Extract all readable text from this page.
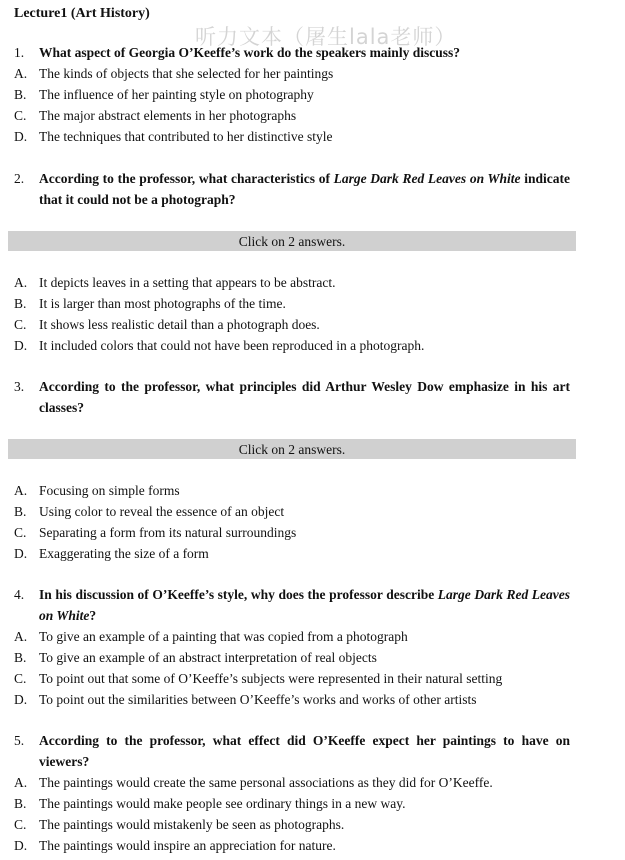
Lecture1 (Art History)
听力文本（屠生lala老师）
1. What aspect of Georgia O’Keeffe’s work do the speakers mainly discuss?
A. The kinds of objects that she selected for her paintings
B. The influence of her painting style on photography
C. The major abstract elements in her photographs
D. The techniques that contributed to her distinctive style
2. According to the professor, what characteristics of Large Dark Red Leaves on White indicate that it could not be a photograph?
Click on 2 answers.
A. It depicts leaves in a setting that appears to be abstract.
B. It is larger than most photographs of the time.
C. It shows less realistic detail than a photograph does.
D. It included colors that could not have been reproduced in a photograph.
3. According to the professor, what principles did Arthur Wesley Dow emphasize in his art classes?
Click on 2 answers.
A. Focusing on simple forms
B. Using color to reveal the essence of an object
C. Separating a form from its natural surroundings
D. Exaggerating the size of a form
4. In his discussion of O’Keeffe’s style, why does the professor describe Large Dark Red Leaves on White?
A. To give an example of a painting that was copied from a photograph
B. To give an example of an abstract interpretation of real objects
C. To point out that some of O’Keeffe’s subjects were represented in their natural setting
D. To point out the similarities between O’Keeffe’s works and works of other artists
5. According to the professor, what effect did O’Keeffe expect her paintings to have on viewers?
A. The paintings would create the same personal associations as they did for O’Keeffe.
B. The paintings would make people see ordinary things in a new way.
C. The paintings would mistakenly be seen as photographs.
D. The paintings would inspire an appreciation for nature.
